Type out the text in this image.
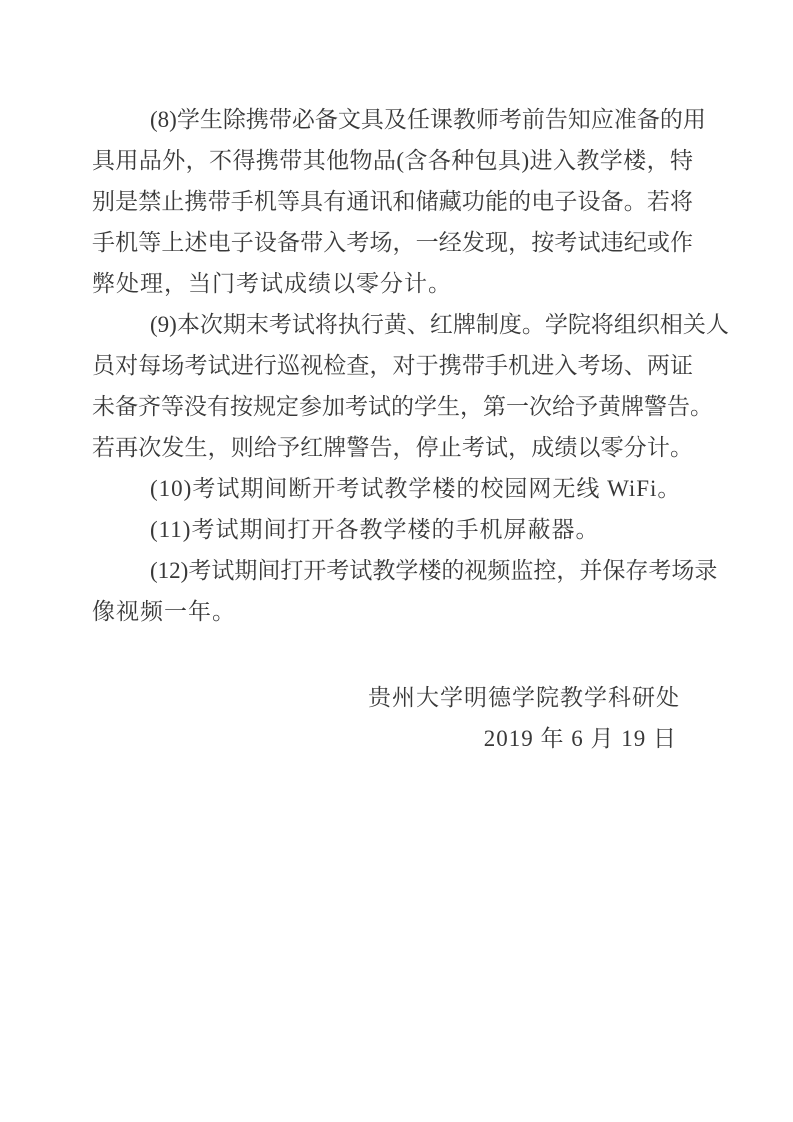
(8)学生除携带必备文具及任课教师考前告知应准备的用
具用品外，不得携带其他物品(含各种包具)进入教学楼，特
别是禁止携带手机等具有通讯和储藏功能的电子设备。若将
手机等上述电子设备带入考场，一经发现，按考试违纪或作
弊处理，当门考试成绩以零分计。
(9)本次期末考试将执行黄、红牌制度。学院将组织相关人
员对每场考试进行巡视检查，对于携带手机进入考场、两证
未备齐等没有按规定参加考试的学生，第一次给予黄牌警告。
若再次发生，则给予红牌警告，停止考试，成绩以零分计。
(10)考试期间断开考试教学楼的校园网无线 WiFi。
(11)考试期间打开各教学楼的手机屏蔽器。
(12)考试期间打开考试教学楼的视频监控，并保存考场录
像视频一年。
贵州大学明德学院教学科研处
2019 年 6 月 19 日
